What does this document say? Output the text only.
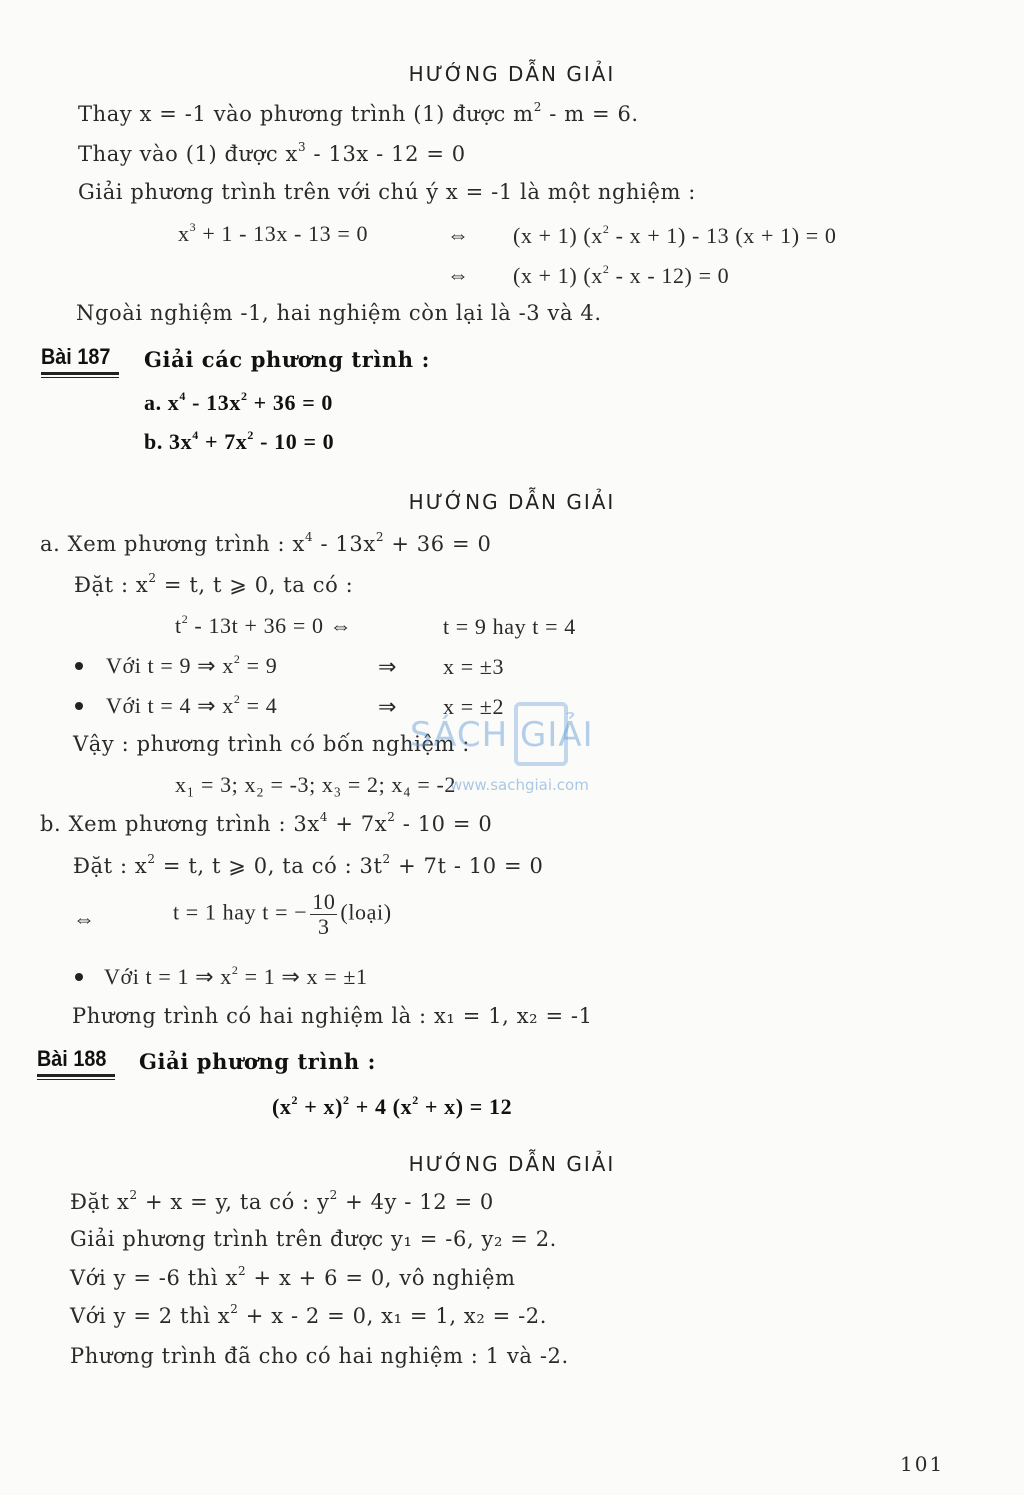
HƯỚNG DẪN GIẢI
Thay x = -1 vào phương trình (1) được $m^2 - m = 6$.
Thay vào (1) được $x^3 - 13x - 12 = 0$
Giải phương trình trên với chú ý x = -1 là một nghiệm :
$x^3 + 1 - 13x - 13 = 0$	⇔ (x + 1) $(x^2 - x + 1) - 13$ (x + 1) = 0
⇔ (x + 1) $(x^2 - x - 12) = 0$
Ngoài nghiệm -1, hai nghiệm còn lại là -3 và 4.
Bài 187 Giải các phương trình :
a. $x^4 - 13x^2 + 36 = 0$
b. $3x^4 + 7x^2 - 10 = 0$
HƯỚNG DẪN GIẢI
a. Xem phương trình : $x^4 - 13x^2 + 36 = 0$
Đặt : $x^2 = t$, t ⩾ 0, ta có :
$t^2 - 13t + 36 = 0$ ⇔	t = 9 hay t = 4
Với t = 9 ⇒ $x^2 = 9$	⇒ x = ±3
Với t = 4 ⇒ $x^2 = 4$	⇒ x = ±2
Vậy : phương trình có bốn nghiệm :
x₁ = 3; x₂ = -3; x₃ = 2; x₄ = -2
b. Xem phương trình : $3x^4 + 7x^2 - 10 = 0$
Đặt : $x^2 = t$, t ⩾ 0, ta có : $3t^2 + 7t - 10 = 0$
⇔	t = 1 hay t = − $\frac{10}{3}$ (loại)
Với t = 1 ⇒ $x^2 = 1$ ⇒ x = ±1
Phương trình có hai nghiệm là : x₁ = 1, x₂ = -1
Bài 188 Giải phương trình :
$(x^2 + x)^2 + 4$ $(x^2 + x) = 12$
HƯỚNG DẪN GIẢI
Đặt $x^2 + x = y$, ta có : $y^2 + 4y - 12 = 0$
Giải phương trình trên được y₁ = -6, y₂ = 2.
Với y = -6 thì $x^2 + x + 6 = 0$, vô nghiệm
Với y = 2 thì $x^2 + x - 2 = 0$, x₁ = 1, x₂ = -2.
Phương trình đã cho có hai nghiệm : 1 và -2.
SÁCH GIẢI
www.sachgiai.com
101
